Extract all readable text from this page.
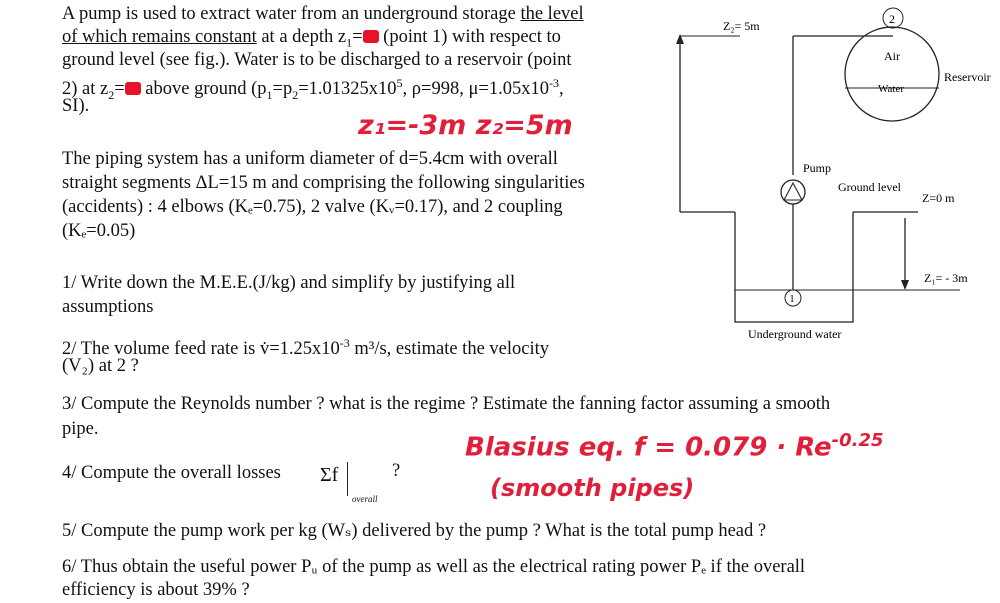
A pump is used to extract water from an underground storage the level
of which remains constant at a depth $z_1=$ (point 1) with respect to
ground level (see fig.). Water is to be discharged to a reservoir (point
2) at $z_2=$ above ground ($p_1=p_2=1.01325x10^5$, ρ=998, $\mu=1.05x10^{-3}$,
SI).
z₁=-3m z₂=5m
The piping system has a uniform diameter of d=5.4cm with overall
straight segments ΔL=15 m and comprising the following singularities
(accidents) : 4 elbows (Kₑ=0.75), 2 valve (Kᵥ=0.17), and 2 coupling
(Kₑ=0.05)
1/ Write down the M.E.E.(J/kg) and simplify by justifying all
assumptions
2/ The volume feed rate is $v̇=1.25x10^{-3}$ m³/s, estimate the velocity
(V₂) at 2 ?
3/ Compute the Reynolds number ? what is the regime ? Estimate the fanning factor assuming a smooth
pipe.
4/ Compute the overall losses Σf
overall
?
Blasius eq. $f = 0.079 \cdot Re^{-0.25}$
(smooth pipes)
5/ Compute the pump work per kg (Wₛ) delivered by the pump ? What is the total pump head ?
6/ Thus obtain the useful power Pᵤ of the pump as well as the electrical rating power Pₑ if the overall
efficiency is about 39% ?
Z₂= 5m	2
Air
Water
Reservoir
Pump
Ground level
Z=0 m
Z₁= - 3m
1
Underground water
